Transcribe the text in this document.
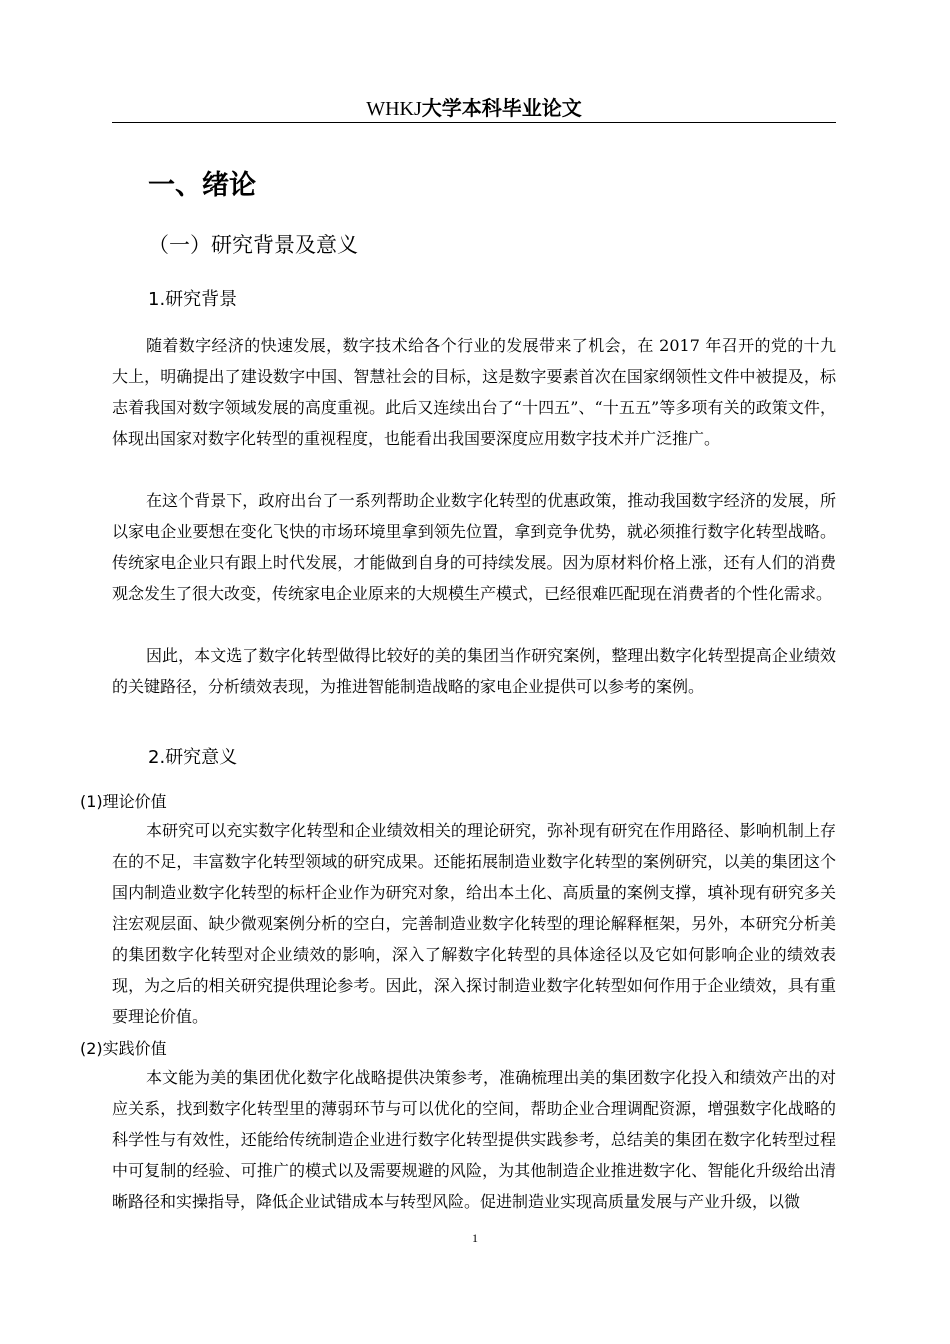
WHKJ大学本科毕业论文
一、绪论
（一）研究背景及意义
1.研究背景

随着数字经济的快速发展，数字技术给各个行业的发展带来了机会，在 2017 年召开的党的十九大上，明确提出了建设数字中国、智慧社会的目标，这是数字要素首次在国家纲领性文件中被提及，标志着我国对数字领域发展的高度重视。此后又连续出台了“十四五”、“十五五”等多项有关的政策文件，体现出国家对数字化转型的重视程度，也能看出我国要深度应用数字技术并广泛推广。

在这个背景下，政府出台了一系列帮助企业数字化转型的优惠政策，推动我国数字经济的发展，所以家电企业要想在变化飞快的市场环境里拿到领先位置，拿到竞争优势，就必须推行数字化转型战略。传统家电企业只有跟上时代发展，才能做到自身的可持续发展。因为原材料价格上涨，还有人们的消费观念发生了很大改变，传统家电企业原来的大规模生产模式，已经很难匹配现在消费者的个性化需求。

因此，本文选了数字化转型做得比较好的美的集团当作研究案例，整理出数字化转型提高企业绩效的关键路径，分析绩效表现，为推进智能制造战略的家电企业提供可以参考的案例。

2.研究意义
(1)理论价值

本研究可以充实数字化转型和企业绩效相关的理论研究，弥补现有研究在作用路径、影响机制上存在的不足，丰富数字化转型领域的研究成果。还能拓展制造业数字化转型的案例研究，以美的集团这个国内制造业数字化转型的标杆企业作为研究对象，给出本土化、高质量的案例支撑，填补现有研究多关注宏观层面、缺少微观案例分析的空白，完善制造业数字化转型的理论解释框架，另外，本研究分析美的集团数字化转型对企业绩效的影响，深入了解数字化转型的具体途径以及它如何影响企业的绩效表现，为之后的相关研究提供理论参考。因此，深入探讨制造业数字化转型如何作用于企业绩效，具有重要理论价值。

(2)实践价值

本文能为美的集团优化数字化战略提供决策参考，准确梳理出美的集团数字化投入和绩效产出的对应关系，找到数字化转型里的薄弱环节与可以优化的空间，帮助企业合理调配资源，增强数字化战略的科学性与有效性，还能给传统制造企业进行数字化转型提供实践参考，总结美的集团在数字化转型过程中可复制的经验、可推广的模式以及需要规避的风险，为其他制造企业推进数字化、智能化升级给出清晰路径和实操指导，降低企业试错成本与转型风险。促进制造业实现高质量发展与产业升级，以微

1
